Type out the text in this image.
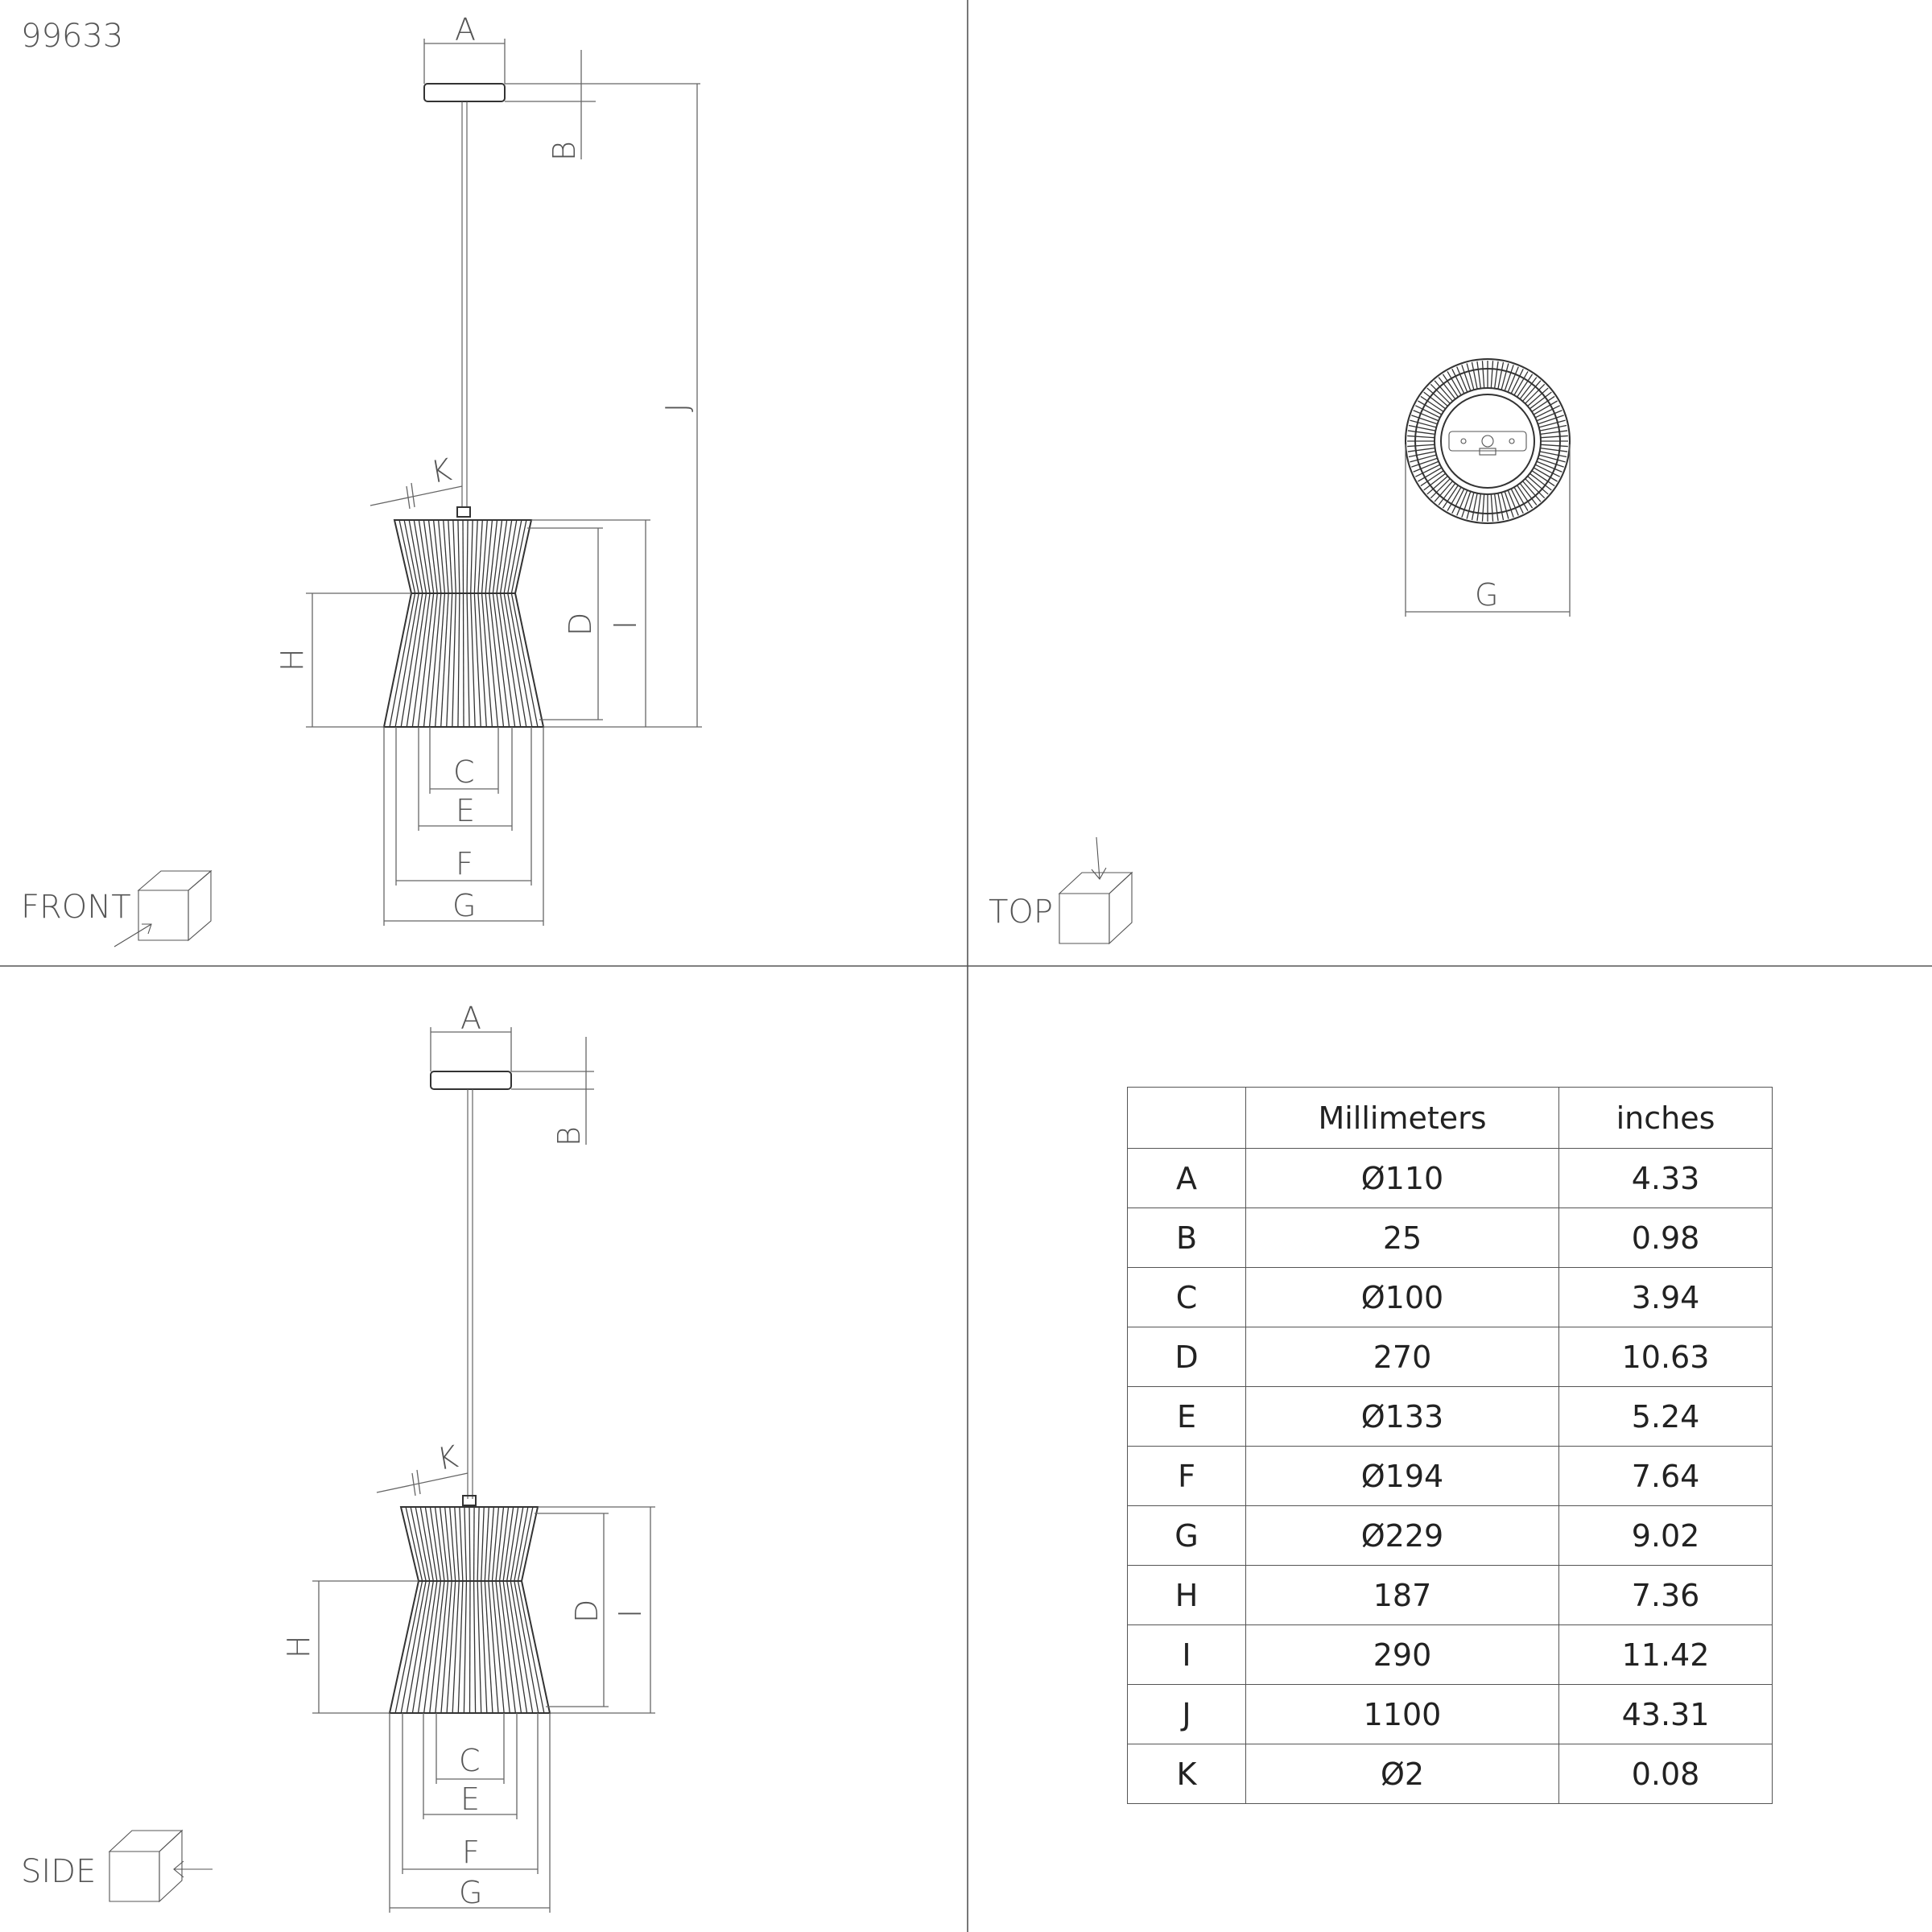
99633	A
B
J
I
D
H
K
C
E
F
G
FRONT
G
TOP
A
B
I
D
H
K
C
E
F
G
SIDE
	Millimeters	inches
A	Ø110	4.33
B	25	0.98
C	Ø100	3.94
D	270	10.63
E	Ø133	5.24
F	Ø194	7.64
G	Ø229	9.02
H	187	7.36
I	290	11.42
J	1100	43.31
K	Ø2	0.08
